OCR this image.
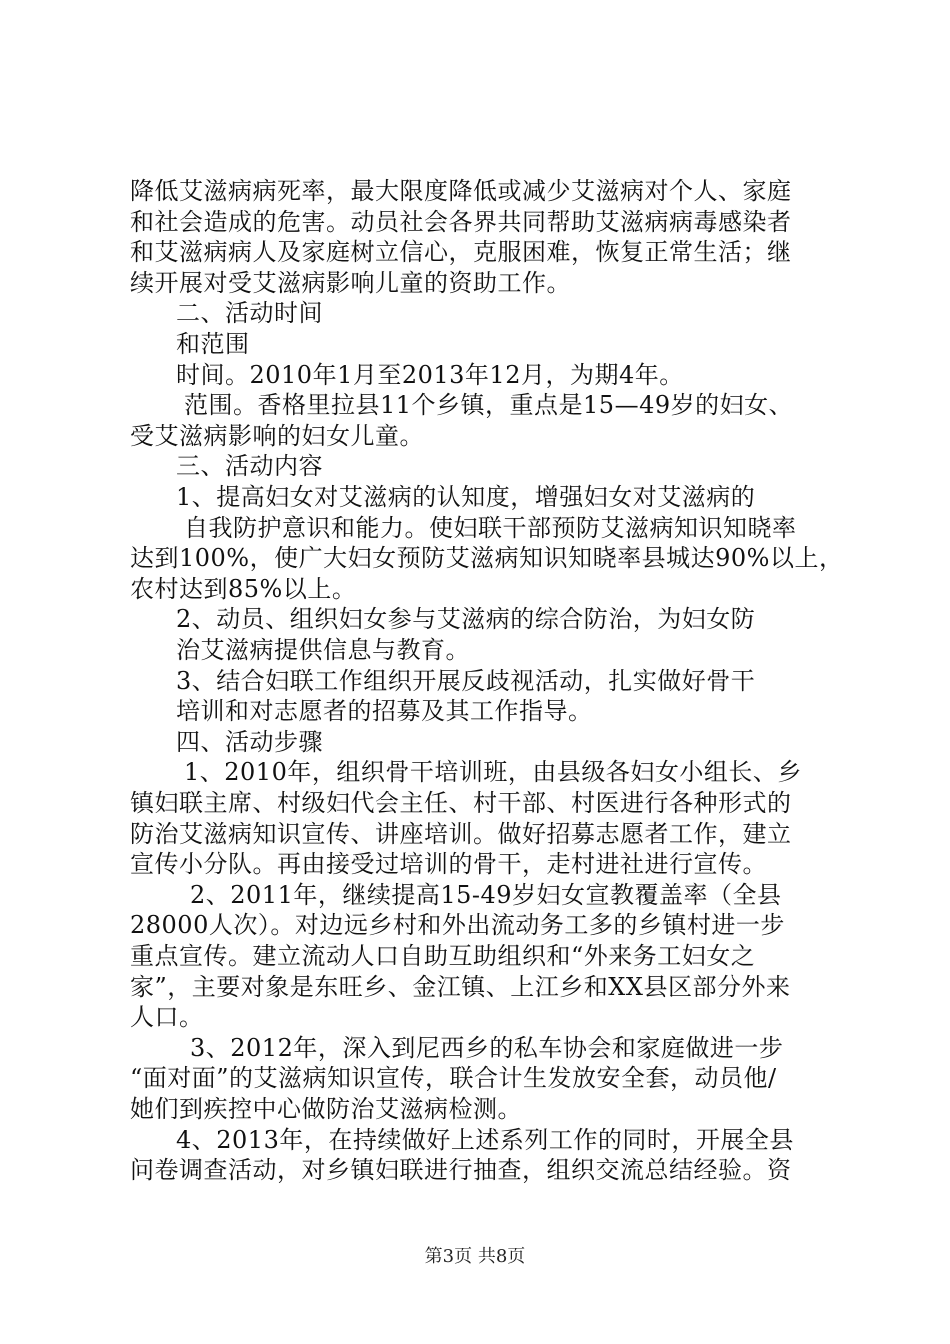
降低艾滋病病死率，最大限度降低或减少艾滋病对个人、家庭
和社会造成的危害。动员社会各界共同帮助艾滋病病毒感染者
和艾滋病病人及家庭树立信心，克服困难，恢复正常生活；继
续开展对受艾滋病影响儿童的资助工作。
二、活动时间
和范围
时间。2010年1月至2013年12月，为期4年。
范围。香格里拉县11个乡镇，重点是15—49岁的妇女、
受艾滋病影响的妇女儿童。
三、活动内容
1、提高妇女对艾滋病的认知度，增强妇女对艾滋病的
自我防护意识和能力。使妇联干部预防艾滋病知识知晓率
达到100%，使广大妇女预防艾滋病知识知晓率县城达90%以上，
农村达到85%以上。
2、动员、组织妇女参与艾滋病的综合防治，为妇女防
治艾滋病提供信息与教育。
3、结合妇联工作组织开展反歧视活动，扎实做好骨干
培训和对志愿者的招募及其工作指导。
四、活动步骤
1、2010年，组织骨干培训班，由县级各妇女小组长、乡
镇妇联主席、村级妇代会主任、村干部、村医进行各种形式的
防治艾滋病知识宣传、讲座培训。做好招募志愿者工作，建立
宣传小分队。再由接受过培训的骨干，走村进社进行宣传。
2、2011年，继续提高15-49岁妇女宣教覆盖率（全县
28000人次）。对边远乡村和外出流动务工多的乡镇村进一步
重点宣传。建立流动人口自助互助组织和“外来务工妇女之
家”，主要对象是东旺乡、金江镇、上江乡和XX县区部分外来
人口。
3、2012年，深入到尼西乡的私车协会和家庭做进一步
“面对面”的艾滋病知识宣传，联合计生发放安全套，动员他/
她们到疾控中心做防治艾滋病检测。
4、2013年，在持续做好上述系列工作的同时，开展全县
问卷调查活动，对乡镇妇联进行抽查，组织交流总结经验。资
第3页 共8页
